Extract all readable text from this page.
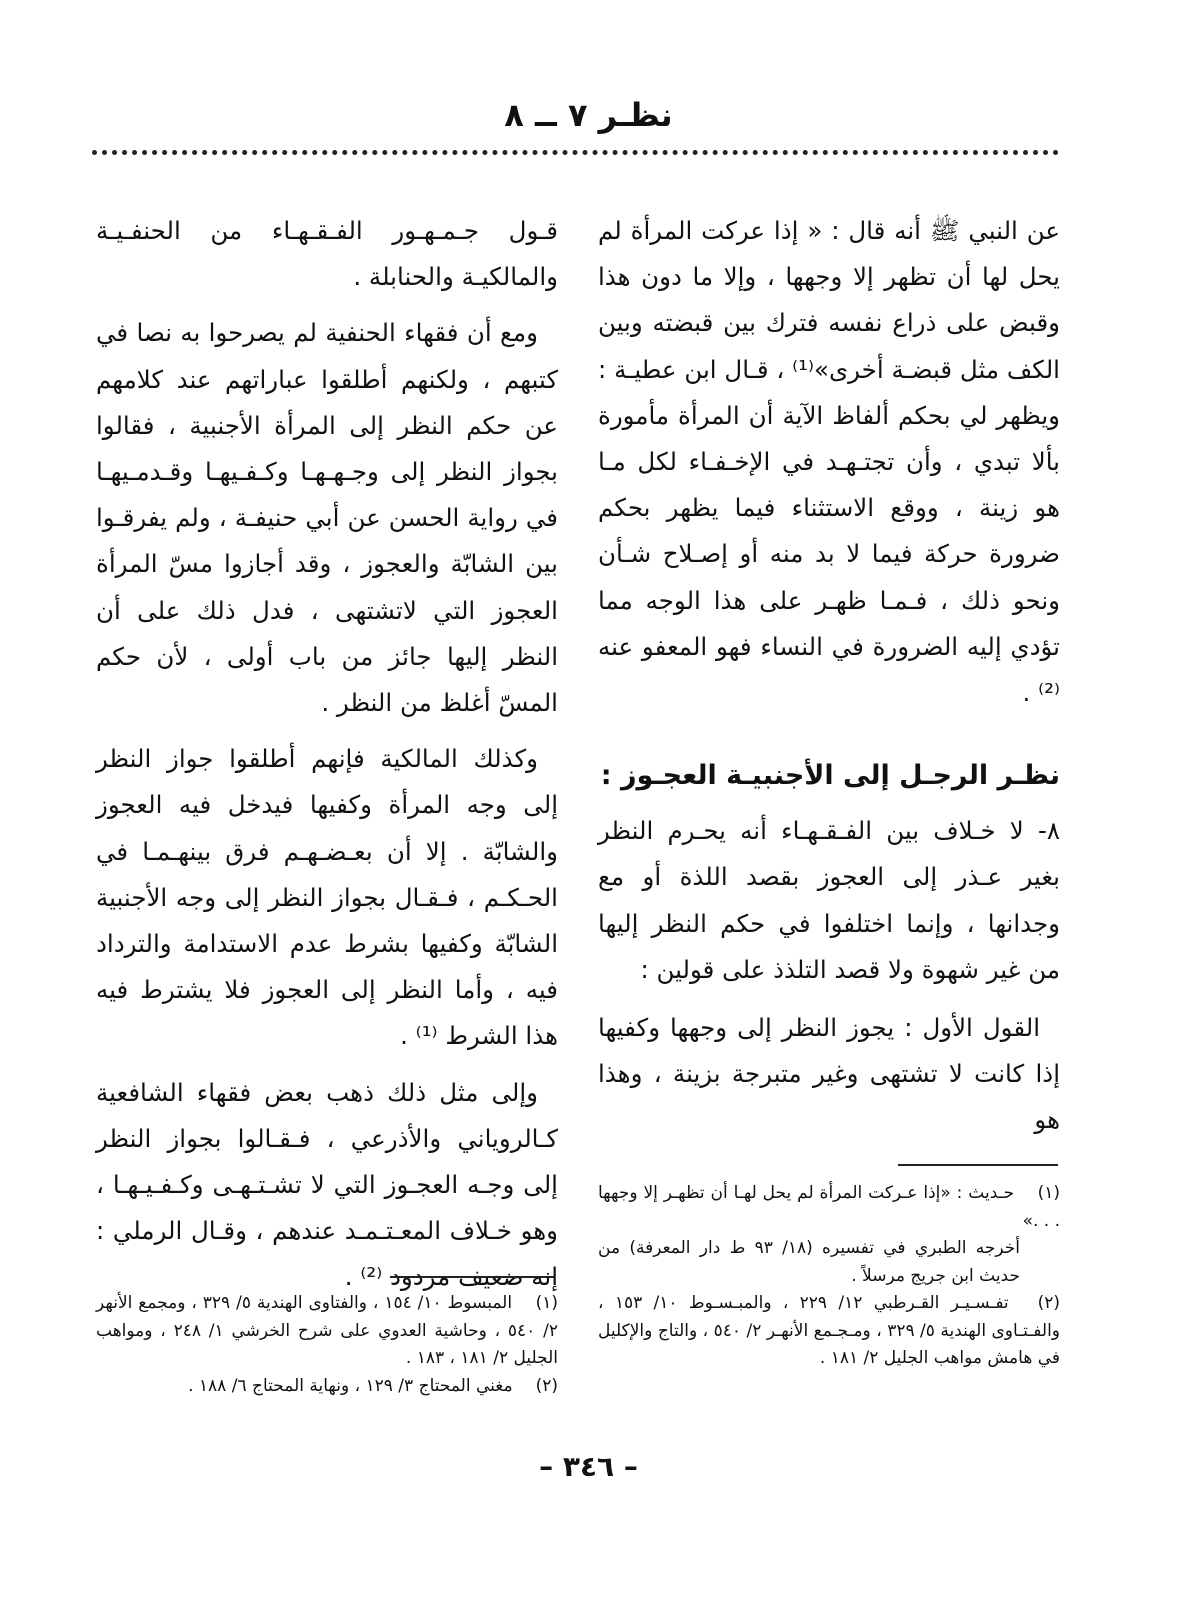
نظـر ٧ ــ ٨

عن النبي ﷺ أنه قال : « إذا عركت المرأة لم يحل لها أن تظهر إلا وجهها ، وإلا ما دون هذا وقبض على ذراع نفسه فترك بين قبضته وبين الكف مثل قبضـة أخرى»⁽¹⁾ ، قـال ابن عطيـة : ويظهر لي بحكم ألفاظ الآية أن المرأة مأمورة بألا تبدي ، وأن تجتـهـد في الإخـفـاء لكل مـا هو زينة ، ووقع الاستثناء فيما يظهر بحكم ضرورة حركة فيما لا بد منه أو إصـلاح شـأن ونحو ذلك ، فـمـا ظهـر على هذا الوجه مما تؤدي إليه الضرورة في النساء فهو المعفو عنه ⁽²⁾ .

نظـر الرجـل إلى الأجنبيـة العجـوز :

٨- لا خـلاف بين الفـقـهـاء أنه يحـرم النظر بغير عـذر إلى العجوز بقصد اللذة أو مع وجدانها ، وإنما اختلفوا في حكم النظر إليها من غير شهوة ولا قصد التلذذ على قولين :

القول الأول : يجوز النظر إلى وجهها وكفيها إذا كانت لا تشتهى وغير متبرجة بزينة ، وهذا هو

قـول جـمـهـور الفـقـهـاء من الحنفـيـة والمالكيـة والحنابلة .

ومع أن فقهاء الحنفية لم يصرحوا به نصا في كتبهم ، ولكنهم أطلقوا عباراتهم عند كلامهم عن حكم النظر إلى المرأة الأجنبية ، فقالوا بجواز النظر إلى وجـهـهـا وكـفـيهـا وقـدمـيهـا في رواية الحسن عن أبي حنيفـة ، ولم يفرقـوا بين الشابّة والعجوز ، وقد أجازوا مسّ المرأة العجوز التي لاتشتهى ، فدل ذلك على أن النظر إليها جائز من باب أولى ، لأن حكم المسّ أغلظ من النظر .

وكذلك المالكية فإنهم أطلقوا جواز النظر إلى وجه المرأة وكفيها فيدخل فيه العجوز والشابّة . إلا أن بعـضـهـم فرق بينهـمـا في الحـكـم ، فـقـال بجواز النظر إلى وجه الأجنبية الشابّة وكفيها بشرط عدم الاستدامة والترداد فيه ، وأما النظر إلى العجوز فلا يشترط فيه هذا الشرط ⁽¹⁾ .

وإلى مثل ذلك ذهب بعض فقهاء الشافعية كـالروياني والأذرعي ، فـقـالوا بجواز النظر إلى وجـه العجـوز التي لا تشـتـهـى وكـفـيـهـا ، وهو خـلاف المعـتـمـد عندهم ، وقـال الرملي : إنه ضعيف مردود ⁽²⁾ .

(١) حـديث : «إذا عـركت المرأة لم يحل لهـا أن تظهـر إلا وجهها . . .»

أخرجه الطبري في تفسيره (١٨/ ٩٣ ط دار المعرفة) من حديث ابن جريج مرسلاً .

(٢) تفـسـيـر القـرطبي ١٢/ ٢٢٩ ، والمبـسـوط ١٠/ ١٥٣ ، والفـتـاوى الهندية ٥/ ٣٢٩ ، ومـجـمع الأنهـر ٢/ ٥٤٠ ، والتاج والإكليل في هامش مواهب الجليل ٢/ ١٨١ .

(١) المبسوط ١٠/ ١٥٤ ، والفتاوى الهندية ٥/ ٣٢٩ ، ومجمع الأنهر ٢/ ٥٤٠ ، وحاشية العدوي على شرح الخرشي ١/ ٢٤٨ ، ومواهب الجليل ٢/ ١٨١ ، ١٨٣ .

(٢) مغني المحتاج ٣/ ١٢٩ ، ونهاية المحتاج ٦/ ١٨٨ .

– ٣٤٦ –
